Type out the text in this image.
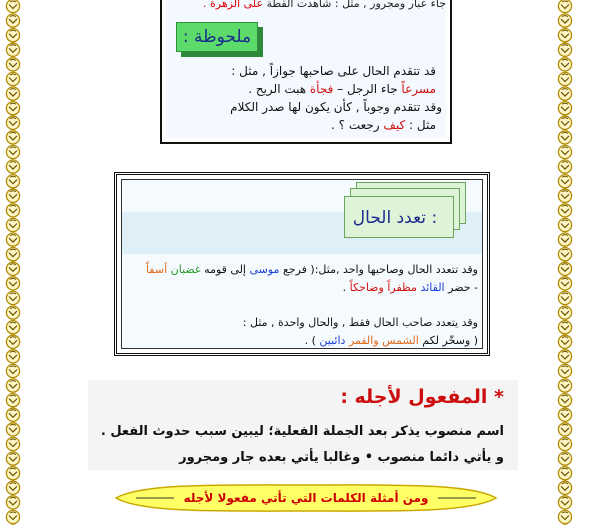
جاء عبار ومجرور , مثل : شاهدت القطة على الزهرة .
ملحوظة :
قد تتقدم الحال على صاحبها جوازاً , مثل :
مسرعاً جاء الرجل – فجأة هبت الريح .
وقد تتقدم وجوباً , كأن يكون لها صدر الكلام
مثل : كيف رجعت ؟ .
تعدد الحال :
وقد تتعدد الحال وصاحبها واحد ,مثل:( فرجع موسى إلى قومه غضبان أسفاً
- حضر القائد مظفراً وضاحكاً .
وقد يتعدد صاحب الحال فقط , والحال واحدة , مثل :
( وسخّر لكم الشمس والقمر دائبين ) .
* المفعول لأجله :
اسم منصوب يذكر بعد الجملة الفعلية؛ ليبين سبب حدوث الفعل .
و يأتي دائما منصوب • وغالبا يأتي بعده جار ومجرور
ومن أمثلة الكلمات التي تأتي مفعولا لأجله
